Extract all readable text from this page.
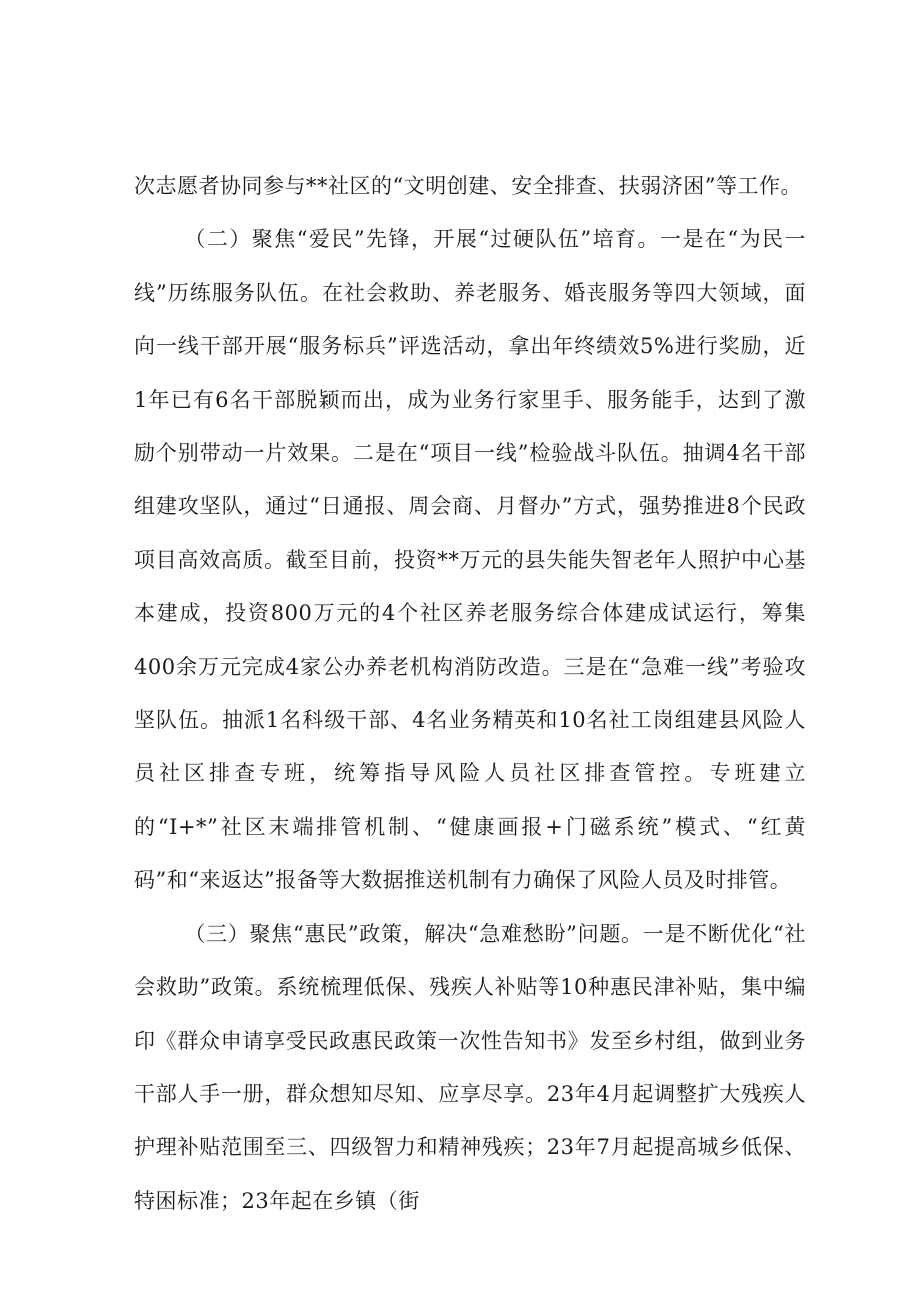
次志愿者协同参与**社区的“文明创建、安全排查、扶弱济困”等工作。

（二）聚焦“爱民”先锋，开展“过硬队伍”培育。一是在“为民一线”历练服务队伍。在社会救助、养老服务、婚丧服务等四大领域，面向一线干部开展“服务标兵”评选活动，拿出年终绩效5%进行奖励，近1年已有6名干部脱颖而出，成为业务行家里手、服务能手，达到了激励个别带动一片效果。二是在“项目一线”检验战斗队伍。抽调4名干部组建攻坚队，通过“日通报、周会商、月督办”方式，强势推进8个民政项目高效高质。截至目前，投资**万元的县失能失智老年人照护中心基本建成，投资800万元的4个社区养老服务综合体建成试运行，筹集400余万元完成4家公办养老机构消防改造。三是在“急难一线”考验攻坚队伍。抽派1名科级干部、4名业务精英和10名社工岗组建县风险人员社区排查专班，统筹指导风险人员社区排查管控。专班建立的“I+*”社区末端排管机制、“健康画报+门磁系统”模式、“红黄码”和“来返达”报备等大数据推送机制有力确保了风险人员及时排管。

（三）聚焦“惠民”政策，解决“急难愁盼”问题。一是不断优化“社会救助”政策。系统梳理低保、残疾人补贴等10种惠民津补贴，集中编印《群众申请享受民政惠民政策一次性告知书》发至乡村组，做到业务干部人手一册，群众想知尽知、应享尽享。23年4月起调整扩大残疾人护理补贴范围至三、四级智力和精神残疾；23年7月起提高城乡低保、特困标准；23年起在乡镇（街
